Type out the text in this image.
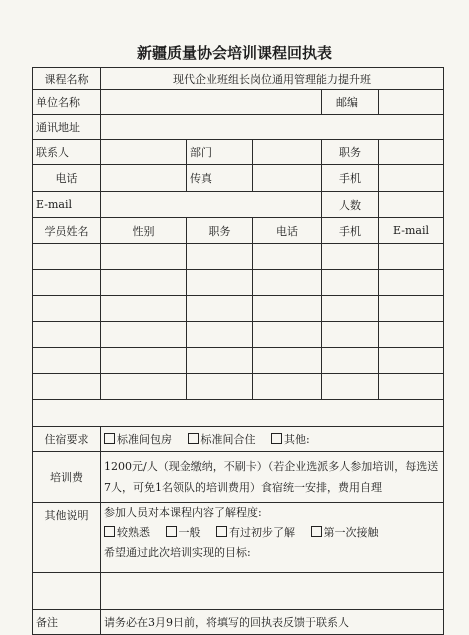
新疆质量协会培训课程回执表
课程名称	现代企业班组长岗位通用管理能力提升班				
单位名称				邮编	
通讯地址					
联系人		部门		职务	
电话		传真		手机	
E-mail				人数	
学员姓名	性别	职务	电话	手机	E-mail

住宿要求	标准间包房 标准间合住 其他:				
培训费	1200元/人（现金缴纳，不刷卡）（若企业选派多人参加培训，每选送7人，可免1名领队的培训费用）食宿统一安排，费用自理				
其他说明	参加人员对本课程内容了解程度:
较熟悉 一般 有过初步了解 第一次接触
希望通过此次培训实现的目标:				

备注	请务必在3月9日前，将填写的回执表反馈于联系人				
